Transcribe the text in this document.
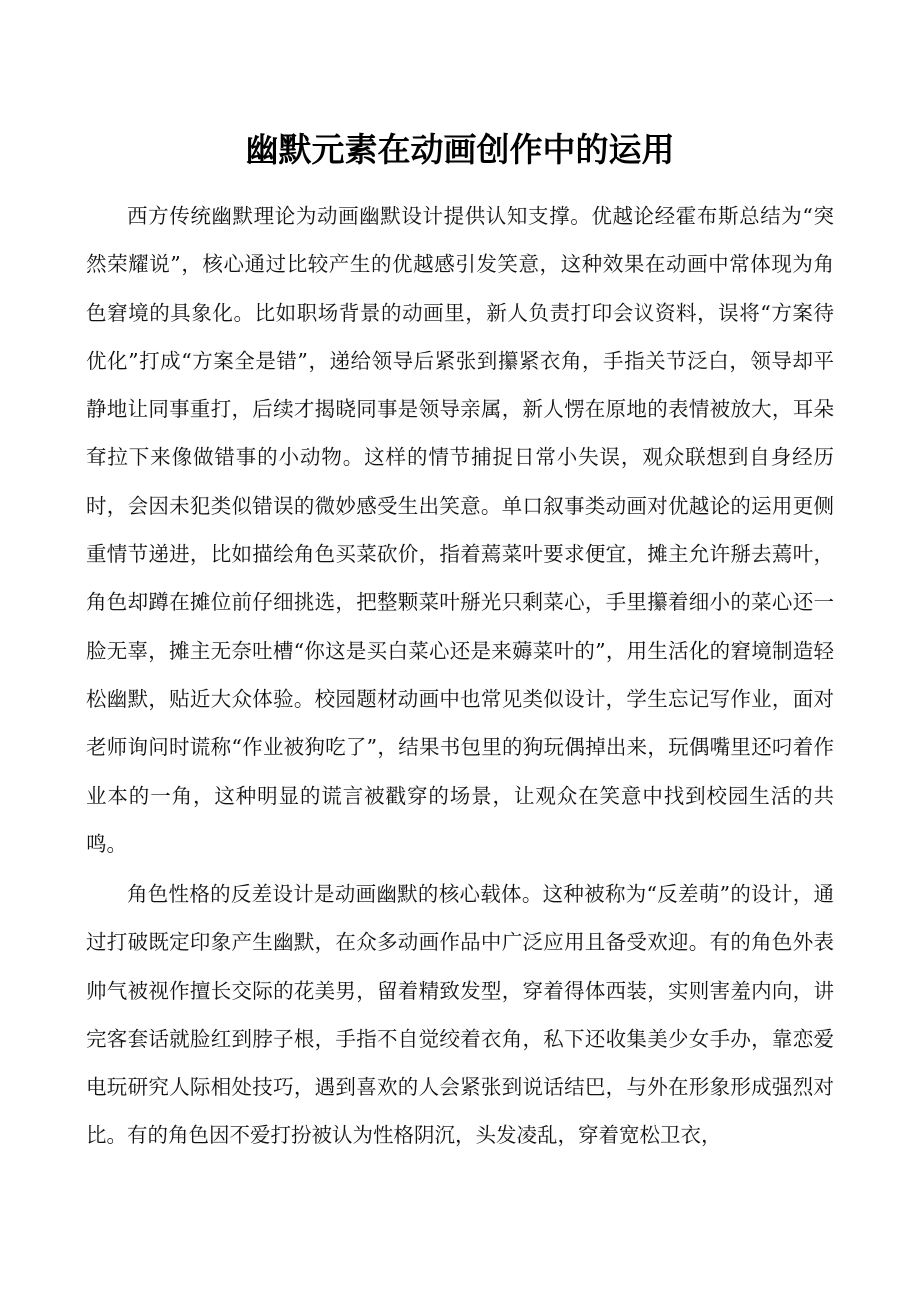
幽默元素在动画创作中的运用

西方传统幽默理论为动画幽默设计提供认知支撑。优越论经霍布斯总结为“突然荣耀说”，核心通过比较产生的优越感引发笑意，这种效果在动画中常体现为角色窘境的具象化。比如职场背景的动画里，新人负责打印会议资料，误将“方案待优化”打成“方案全是错”，递给领导后紧张到攥紧衣角，手指关节泛白，领导却平静地让同事重打，后续才揭晓同事是领导亲属，新人愣在原地的表情被放大，耳朵耷拉下来像做错事的小动物。这样的情节捕捉日常小失误，观众联想到自身经历时，会因未犯类似错误的微妙感受生出笑意。单口叙事类动画对优越论的运用更侧重情节递进，比如描绘角色买菜砍价，指着蔫菜叶要求便宜，摊主允许掰去蔫叶，角色却蹲在摊位前仔细挑选，把整颗菜叶掰光只剩菜心，手里攥着细小的菜心还一脸无辜，摊主无奈吐槽“你这是买白菜心还是来薅菜叶的”，用生活化的窘境制造轻松幽默，贴近大众体验。校园题材动画中也常见类似设计，学生忘记写作业，面对老师询问时谎称“作业被狗吃了”，结果书包里的狗玩偶掉出来，玩偶嘴里还叼着作业本的一角，这种明显的谎言被戳穿的场景，让观众在笑意中找到校园生活的共鸣。

角色性格的反差设计是动画幽默的核心载体。这种被称为“反差萌”的设计，通过打破既定印象产生幽默，在众多动画作品中广泛应用且备受欢迎。有的角色外表帅气被视作擅长交际的花美男，留着精致发型，穿着得体西装，实则害羞内向，讲完客套话就脸红到脖子根，手指不自觉绞着衣角，私下还收集美少女手办，靠恋爱电玩研究人际相处技巧，遇到喜欢的人会紧张到说话结巴，与外在形象形成强烈对比。有的角色因不爱打扮被认为性格阴沉，头发凌乱，穿着宽松卫衣，
